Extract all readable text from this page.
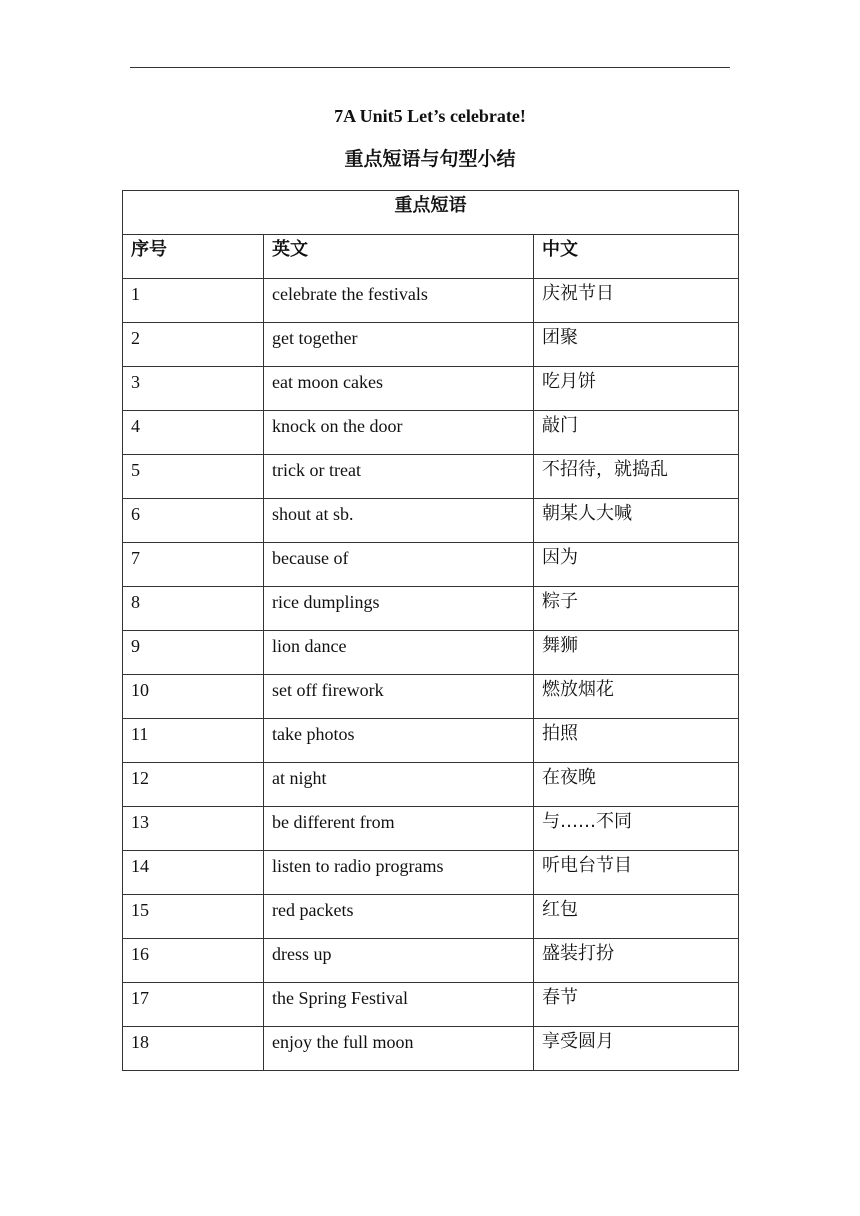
7A Unit5 Let’s celebrate!
重点短语与句型小结
重点短语		
序号	英文	中文
1	celebrate the festivals	庆祝节日
2	get together	团聚
3	eat moon cakes	吃月饼
4	knock on the door	敲门
5	trick or treat	不招待，就捣乱
6	shout at sb.	朝某人大喊
7	because of	因为
8	rice dumplings	粽子
9	lion dance	舞狮
10	set off firework	燃放烟花
11	take photos	拍照
12	at night	在夜晚
13	be different from	与……不同
14	listen to radio programs	听电台节目
15	red packets	红包
16	dress up	盛装打扮
17	the Spring Festival	春节
18	enjoy the full moon	享受圆月
